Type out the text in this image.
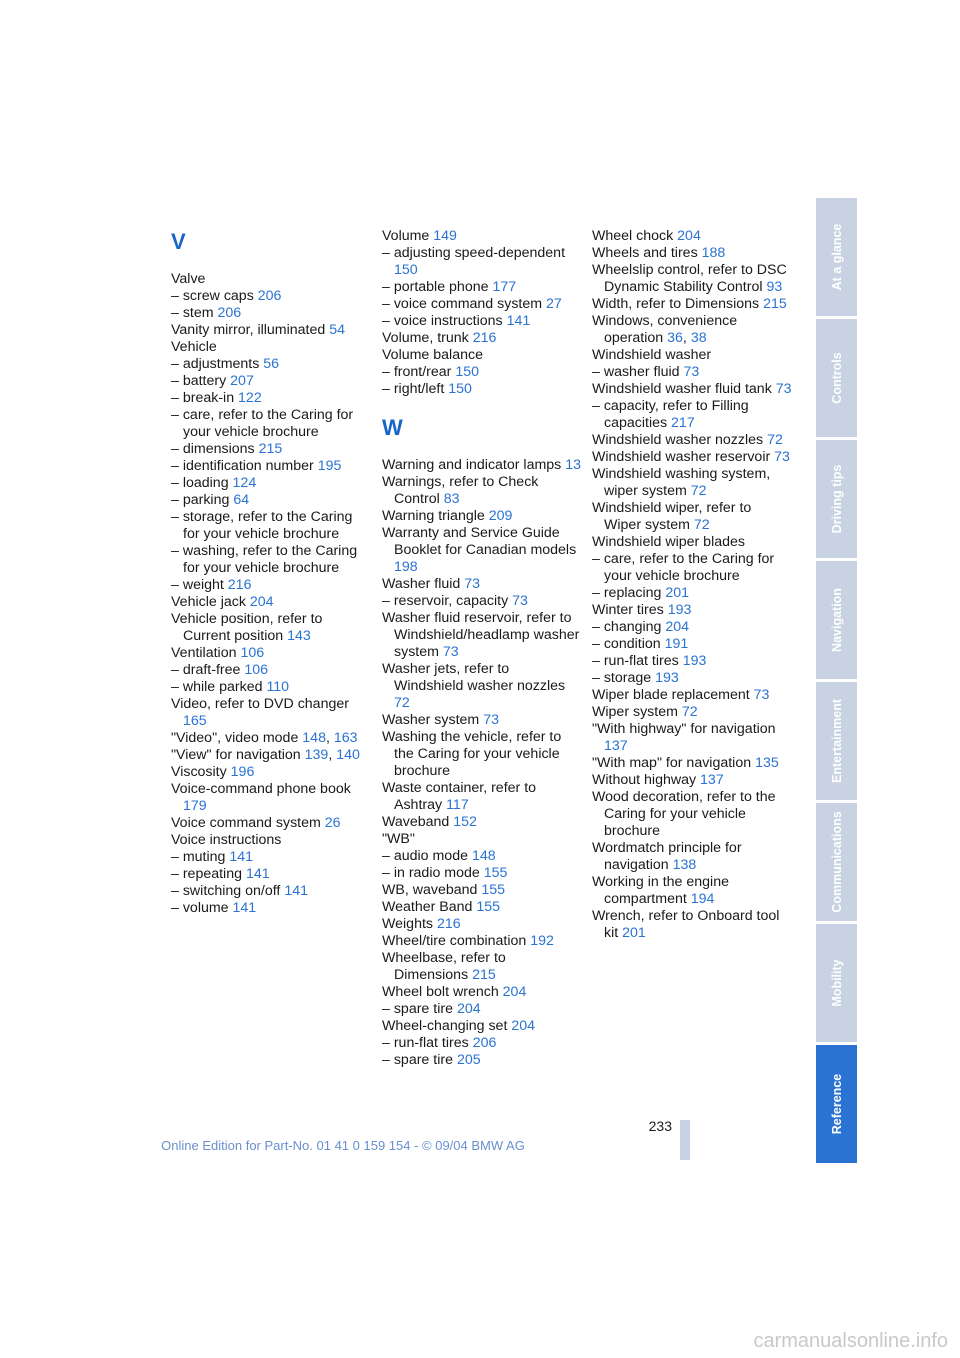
V
Valve
– screw caps 206
– stem 206
Vanity mirror, illuminated 54
Vehicle
– adjustments 56
– battery 207
– break-in 122
– care, refer to the Caring for your vehicle brochure
– dimensions 215
– identification number 195
– loading 124
– parking 64
– storage, refer to the Caring for your vehicle brochure
– washing, refer to the Caring for your vehicle brochure
– weight 216
Vehicle jack 204
Vehicle position, refer to Current position 143
Ventilation 106
– draft-free 106
– while parked 110
Video, refer to DVD changer 165
"Video", video mode 148, 163
"View" for navigation 139, 140
Viscosity 196
Voice-command phone book 179
Voice command system 26
Voice instructions
– muting 141
– repeating 141
– switching on/off 141
– volume 141
Volume 149
– adjusting speed-dependent 150
– portable phone 177
– voice command system 27
– voice instructions 141
Volume, trunk 216
Volume balance
– front/rear 150
– right/left 150
W
Warning and indicator lamps 13
Warnings, refer to Check Control 83
Warning triangle 209
Warranty and Service Guide Booklet for Canadian models 198
Washer fluid 73
– reservoir, capacity 73
Washer fluid reservoir, refer to Windshield/headlamp washer system 73
Washer jets, refer to Windshield washer nozzles 72
Washer system 73
Washing the vehicle, refer to the Caring for your vehicle brochure
Waste container, refer to Ashtray 117
Waveband 152
"WB"
– audio mode 148
– in radio mode 155
WB, waveband 155
Weather Band 155
Weights 216
Wheel/tire combination 192
Wheelbase, refer to Dimensions 215
Wheel bolt wrench 204
– spare tire 204
Wheel-changing set 204
– run-flat tires 206
– spare tire 205
Wheel chock 204
Wheels and tires 188
Wheelslip control, refer to DSC Dynamic Stability Control 93
Width, refer to Dimensions 215
Windows, convenience operation 36, 38
Windshield washer
– washer fluid 73
Windshield washer fluid tank 73
– capacity, refer to Filling capacities 217
Windshield washer nozzles 72
Windshield washer reservoir 73
Windshield washing system, wiper system 72
Windshield wiper, refer to Wiper system 72
Windshield wiper blades
– care, refer to the Caring for your vehicle brochure
– replacing 201
Winter tires 193
– changing 204
– condition 191
– run-flat tires 193
– storage 193
Wiper blade replacement 73
Wiper system 72
"With highway" for navigation 137
"With map" for navigation 135
Without highway 137
Wood decoration, refer to the Caring for your vehicle brochure
Wordmatch principle for navigation 138
Working in the engine compartment 194
Wrench, refer to Onboard tool kit 201
At a glance
Controls
Driving tips
Navigation
Entertainment
Communications
Mobility
Reference
233
Online Edition for Part-No. 01 41 0 159 154 - © 09/04 BMW AG
carmanualsonline.info
